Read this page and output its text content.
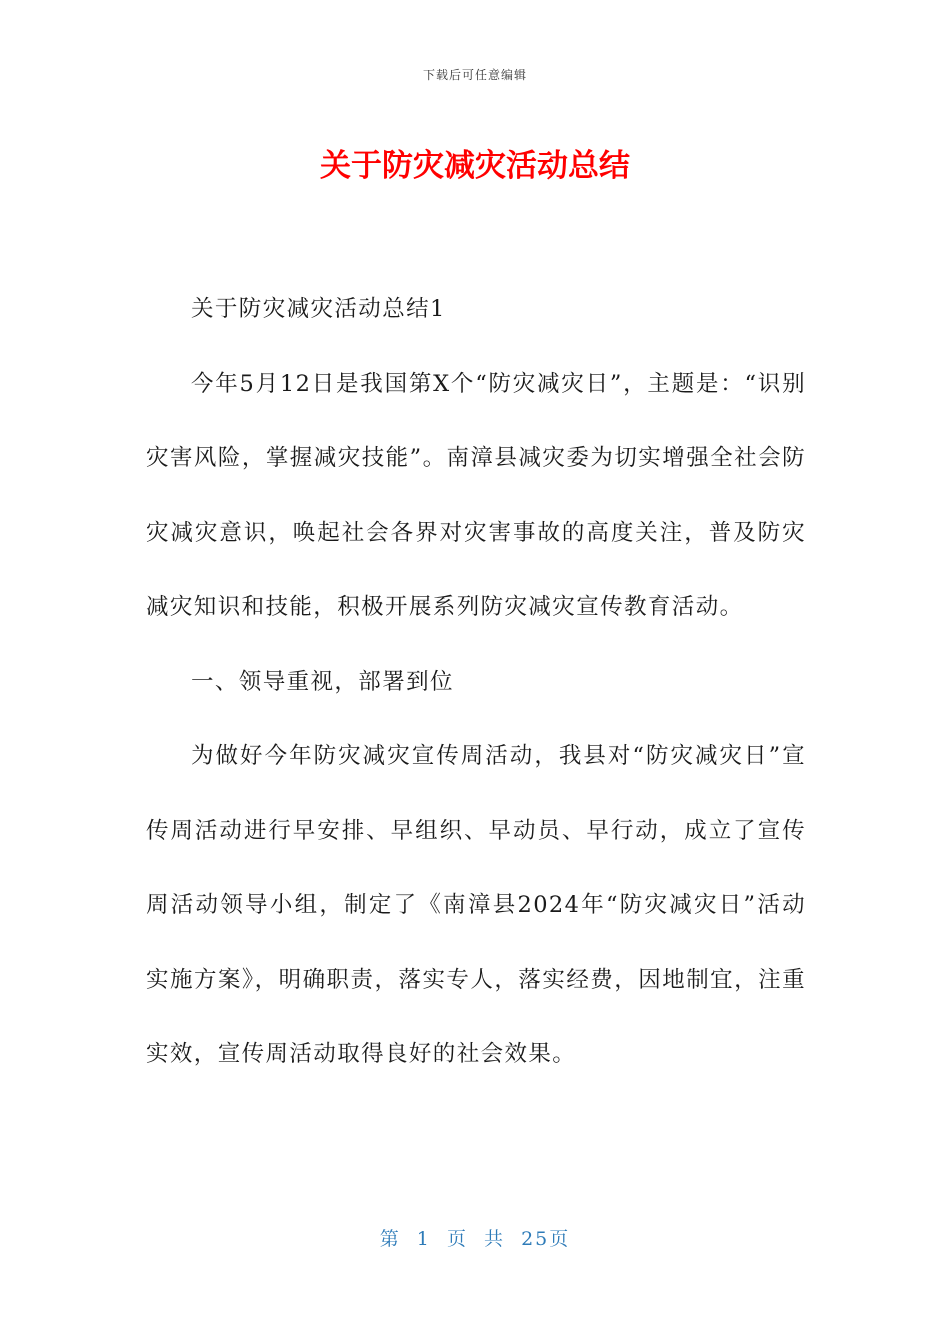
下载后可任意编辑
关于防灾减灾活动总结

关于防灾减灾活动总结1

今年5月12日是我国第X个“防灾减灾日”，主题是：“识别灾害风险，掌握减灾技能”。南漳县减灾委为切实增强全社会防灾减灾意识，唤起社会各界对灾害事故的高度关注，普及防灾减灾知识和技能，积极开展系列防灾减灾宣传教育活动。

一、领导重视，部署到位

为做好今年防灾减灾宣传周活动，我县对“防灾减灾日”宣传周活动进行早安排、早组织、早动员、早行动，成立了宣传周活动领导小组，制定了《南漳县2024年“防灾减灾日”活动实施方案》，明确职责，落实专人，落实经费，因地制宜，注重实效，宣传周活动取得良好的社会效果。

第 1 页 共 25页
